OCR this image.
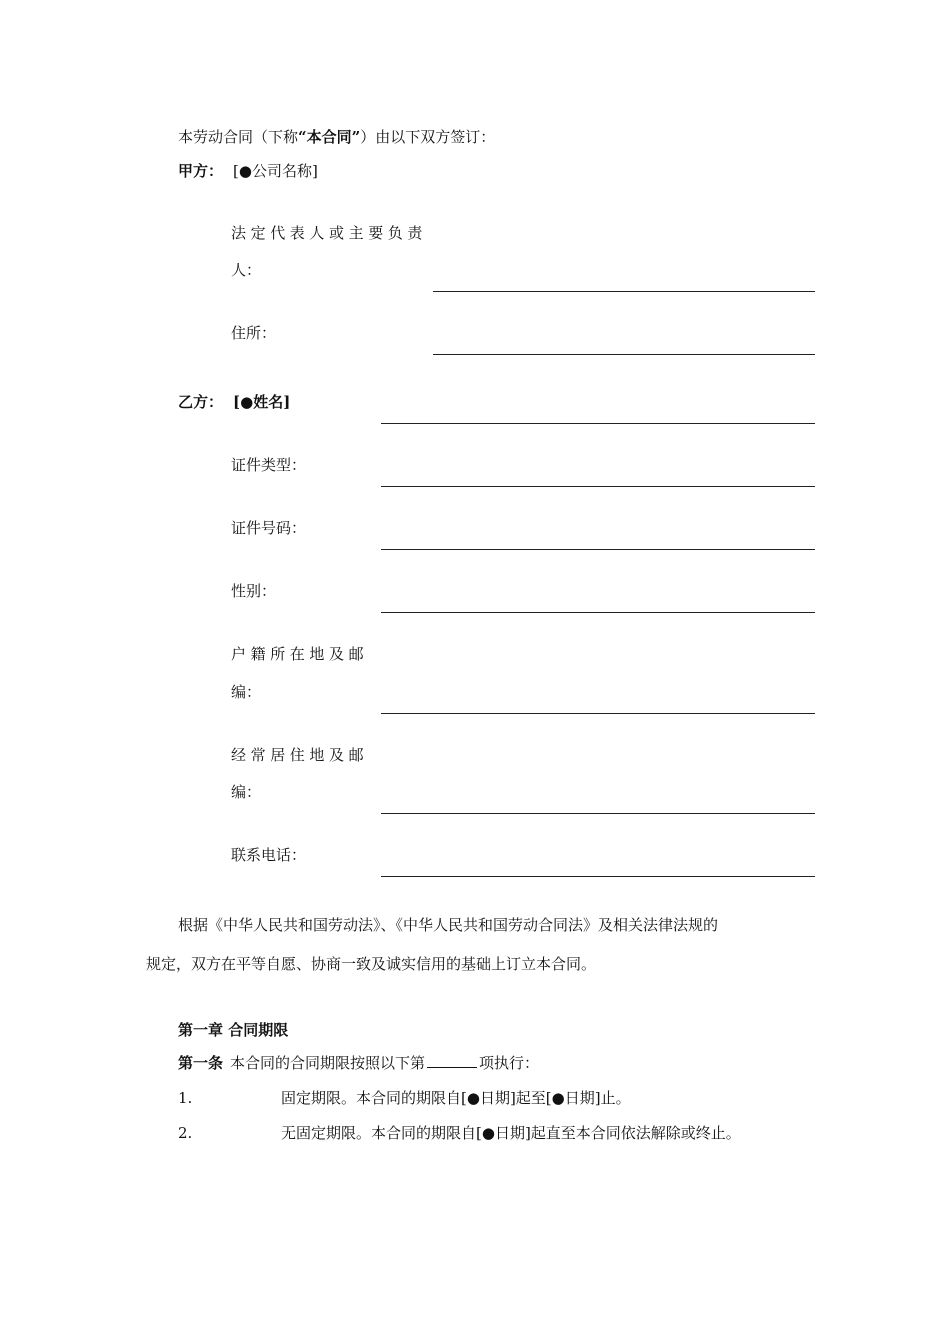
本劳动合同（下称“本合同”）由以下双方签订：
甲方： [●公司名称]
法定代表人或主要负责
人：
住所：
乙方： [●姓名]
证件类型：
证件号码：
性别：
户籍所在地及邮
编：
经常居住地及邮
编：
联系电话：
根据《中华人民共和国劳动法》、《中华人民共和国劳动合同法》及相关法律法规的
规定，双方在平等自愿、协商一致及诚实信用的基础上订立本合同。
第一章 合同期限
第一条 本合同的合同期限按照以下第	项执行：
1.	固定期限。本合同的期限自[●日期]起至[●日期]止。
2.	无固定期限。本合同的期限自[●日期]起直至本合同依法解除或终止。
